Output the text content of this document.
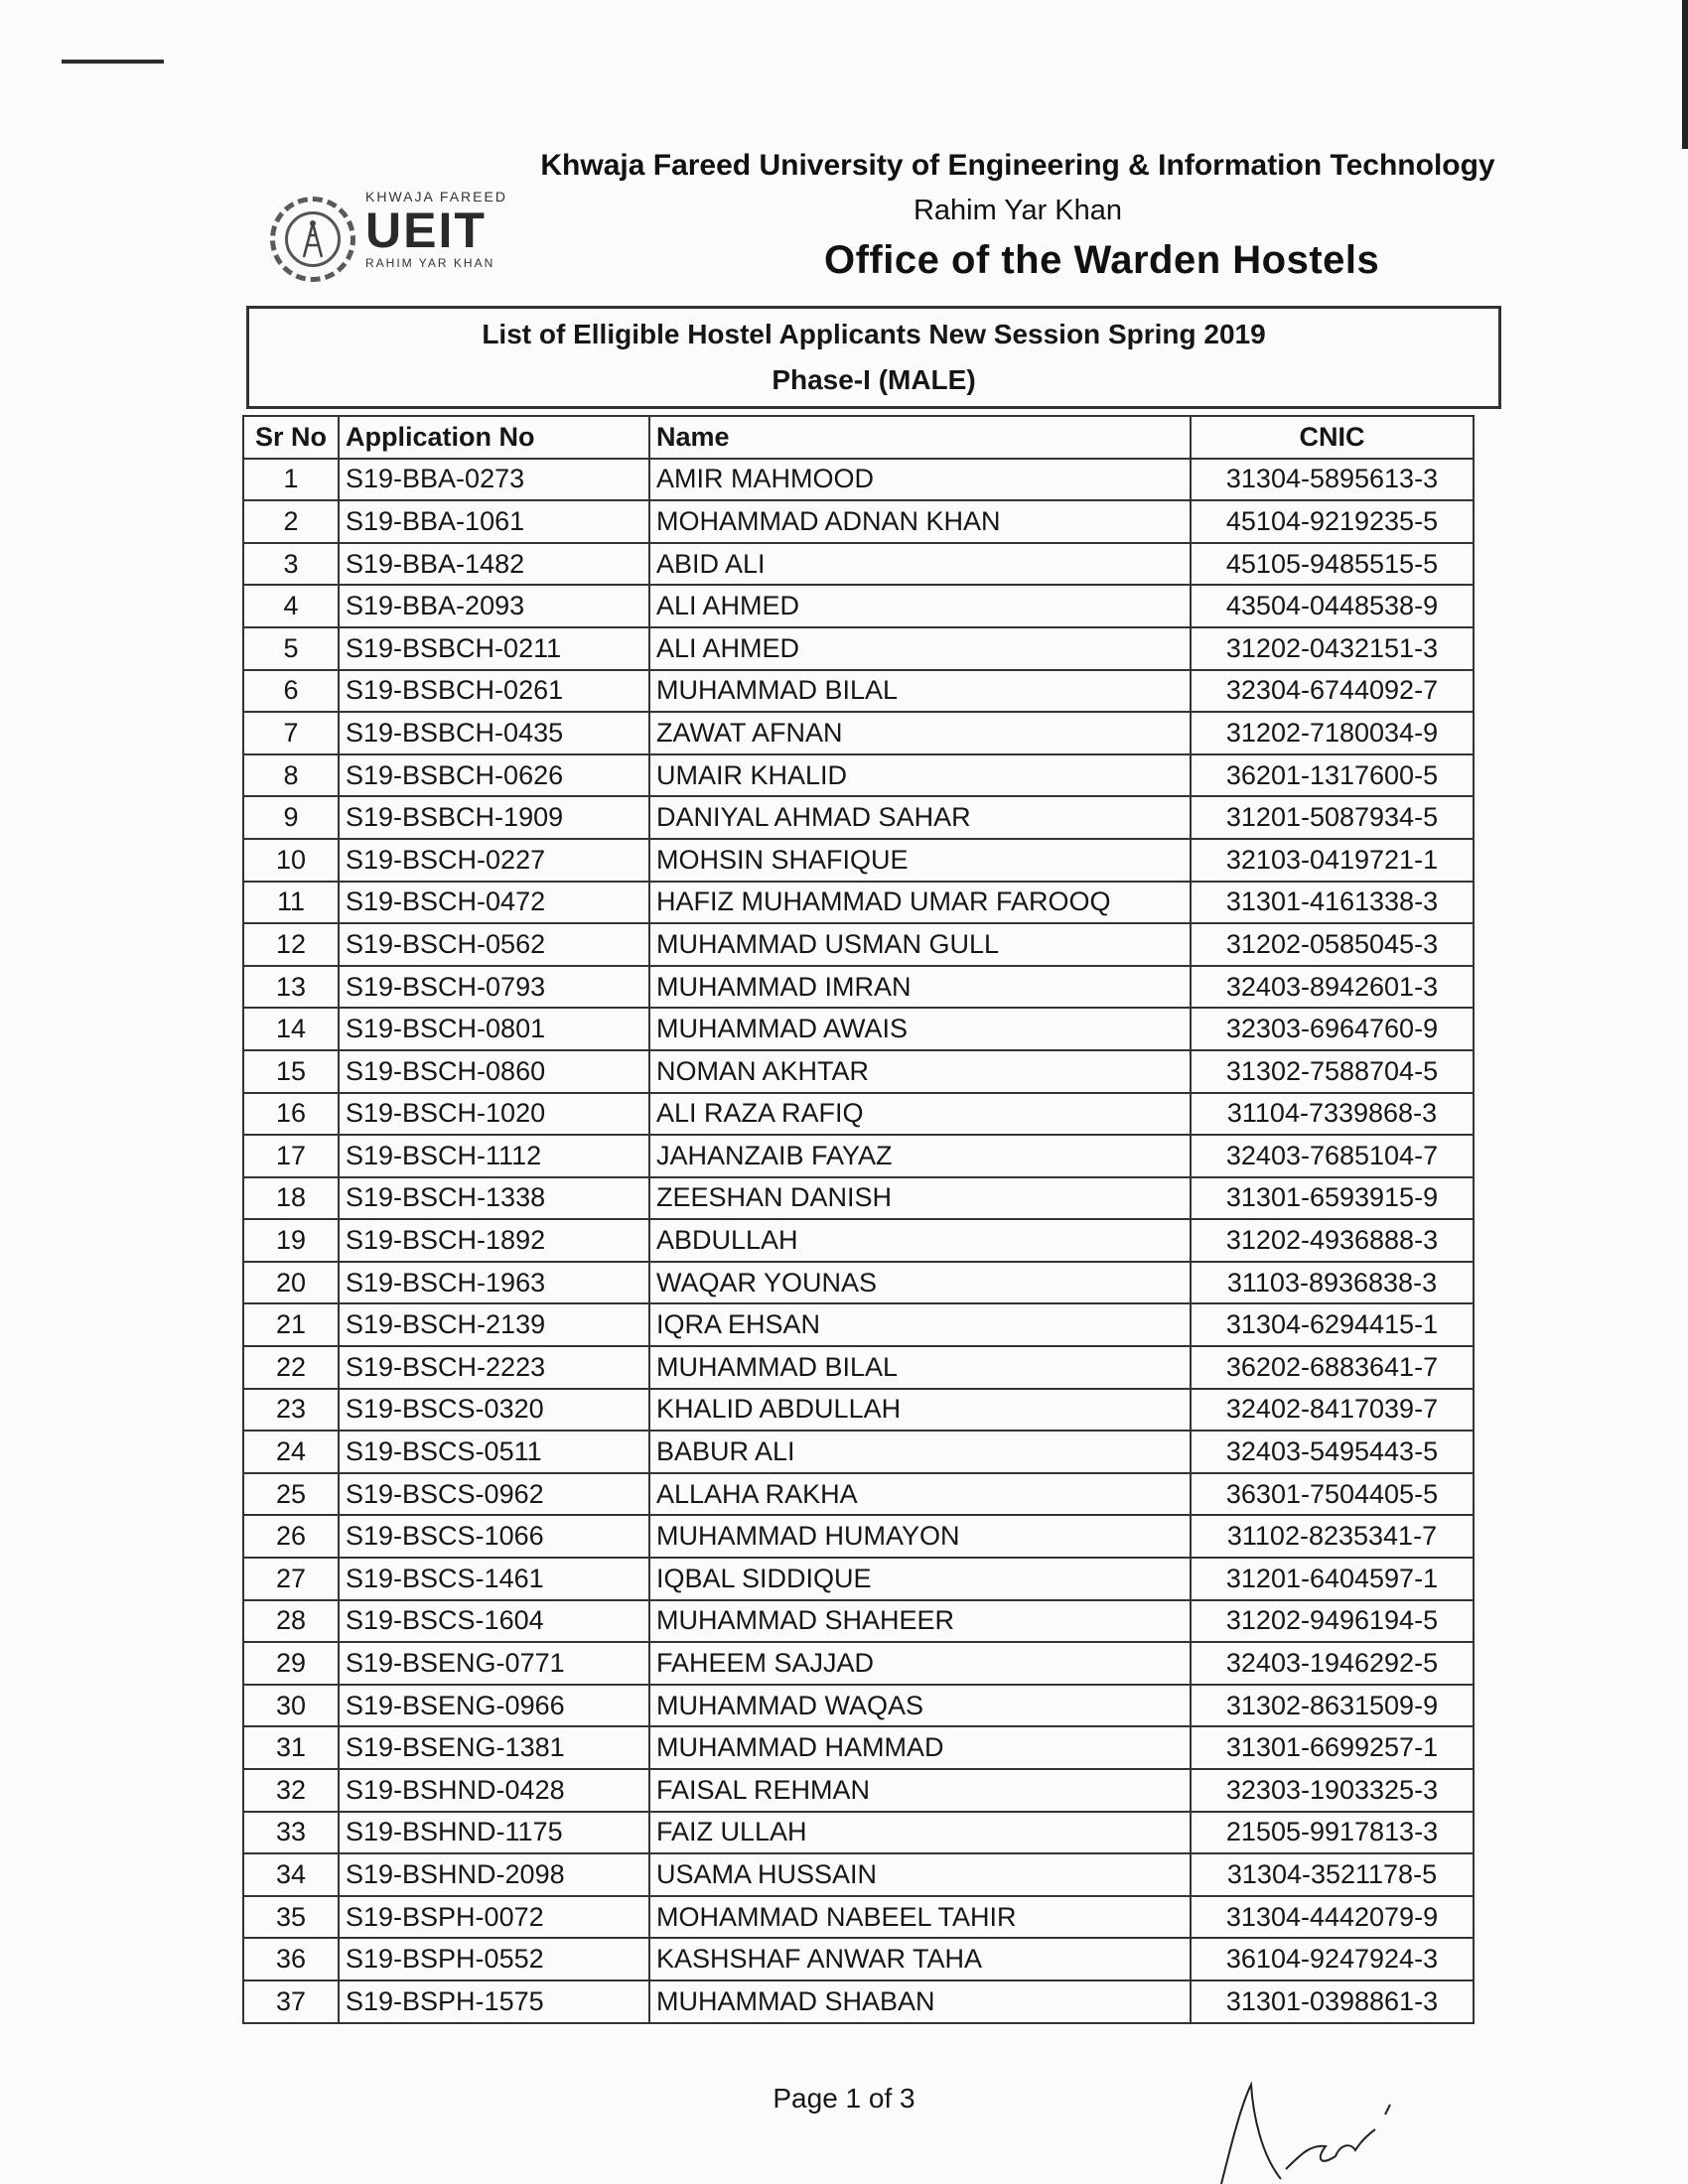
KHWAJA FAREED
UEIT
RAHIM YAR KHAN
Khwaja Fareed University of Engineering & Information Technology
Rahim Yar Khan
Office of the Warden Hostels
List of Elligible Hostel Applicants New Session Spring 2019
Phase-I (MALE)
Sr No	Application No	Name	CNIC
1	S19-BBA-0273	AMIR MAHMOOD	31304-5895613-3
2	S19-BBA-1061	MOHAMMAD ADNAN KHAN	45104-9219235-5
3	S19-BBA-1482	ABID ALI	45105-9485515-5
4	S19-BBA-2093	ALI AHMED	43504-0448538-9
5	S19-BSBCH-0211	ALI AHMED	31202-0432151-3
6	S19-BSBCH-0261	MUHAMMAD BILAL	32304-6744092-7
7	S19-BSBCH-0435	ZAWAT AFNAN	31202-7180034-9
8	S19-BSBCH-0626	UMAIR KHALID	36201-1317600-5
9	S19-BSBCH-1909	DANIYAL AHMAD SAHAR	31201-5087934-5
10	S19-BSCH-0227	MOHSIN SHAFIQUE	32103-0419721-1
11	S19-BSCH-0472	HAFIZ MUHAMMAD UMAR FAROOQ	31301-4161338-3
12	S19-BSCH-0562	MUHAMMAD USMAN GULL	31202-0585045-3
13	S19-BSCH-0793	MUHAMMAD IMRAN	32403-8942601-3
14	S19-BSCH-0801	MUHAMMAD AWAIS	32303-6964760-9
15	S19-BSCH-0860	NOMAN AKHTAR	31302-7588704-5
16	S19-BSCH-1020	ALI RAZA RAFIQ	31104-7339868-3
17	S19-BSCH-1112	JAHANZAIB FAYAZ	32403-7685104-7
18	S19-BSCH-1338	ZEESHAN DANISH	31301-6593915-9
19	S19-BSCH-1892	ABDULLAH	31202-4936888-3
20	S19-BSCH-1963	WAQAR YOUNAS	31103-8936838-3
21	S19-BSCH-2139	IQRA EHSAN	31304-6294415-1
22	S19-BSCH-2223	MUHAMMAD BILAL	36202-6883641-7
23	S19-BSCS-0320	KHALID ABDULLAH	32402-8417039-7
24	S19-BSCS-0511	BABUR ALI	32403-5495443-5
25	S19-BSCS-0962	ALLAHA RAKHA	36301-7504405-5
26	S19-BSCS-1066	MUHAMMAD HUMAYON	31102-8235341-7
27	S19-BSCS-1461	IQBAL SIDDIQUE	31201-6404597-1
28	S19-BSCS-1604	MUHAMMAD SHAHEER	31202-9496194-5
29	S19-BSENG-0771	FAHEEM SAJJAD	32403-1946292-5
30	S19-BSENG-0966	MUHAMMAD WAQAS	31302-8631509-9
31	S19-BSENG-1381	MUHAMMAD HAMMAD	31301-6699257-1
32	S19-BSHND-0428	FAISAL REHMAN	32303-1903325-3
33	S19-BSHND-1175	FAIZ ULLAH	21505-9917813-3
34	S19-BSHND-2098	USAMA HUSSAIN	31304-3521178-5
35	S19-BSPH-0072	MOHAMMAD NABEEL TAHIR	31304-4442079-9
36	S19-BSPH-0552	KASHSHAF ANWAR TAHA	36104-9247924-3
37	S19-BSPH-1575	MUHAMMAD SHABAN	31301-0398861-3
Page 1 of 3
